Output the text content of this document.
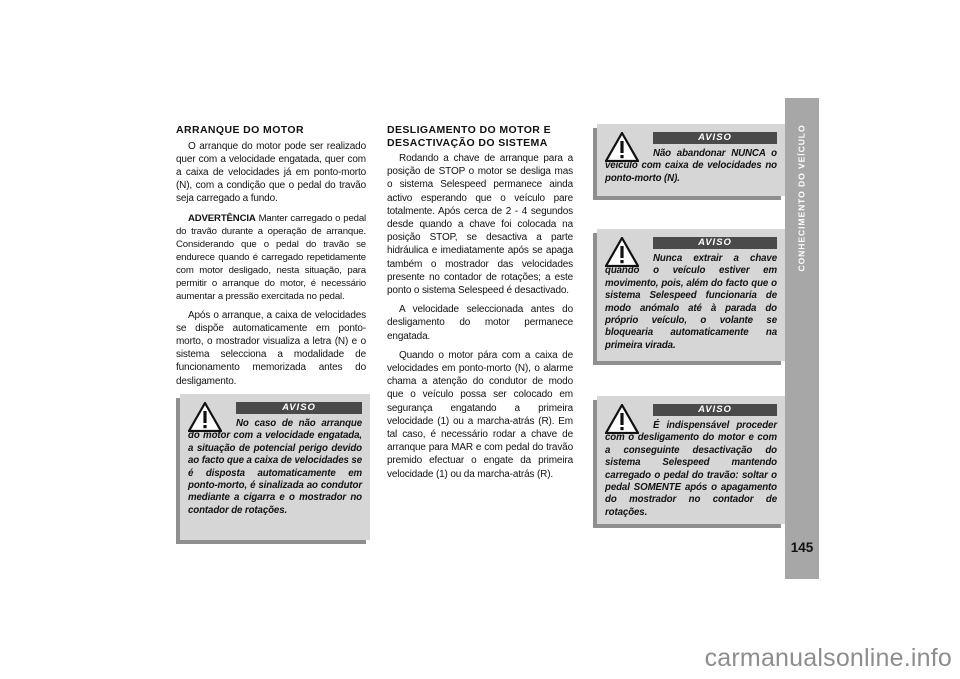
ARRANQUE DO MOTOR

O arranque do motor pode ser realizado quer com a velocidade engatada, quer com a caixa de velocidades já em ponto-morto (N), com a condição que o pedal do travão seja carregado a fundo.

ADVERTÊNCIA Manter carregado o pedal do travão durante a operação de arranque. Considerando que o pedal do travão se endurece quando é carregado repetidamente com motor desligado, nesta situação, para permitir o arranque do motor, é necessário aumentar a pressão exercitada no pedal.

Após o arranque, a caixa de velocidades se dispõe automaticamente em ponto-morto, o mostrador visualiza a letra (N) e o sistema selecciona a modalidade de funcionamento memorizada antes do desligamento.

DESLIGAMENTO DO MOTOR E DESACTIVAÇÃO DO SISTEMA

Rodando a chave de arranque para a posição de STOP o motor se desliga mas o sistema Selespeed permanece ainda activo esperando que o veículo pare totalmente. Após cerca de 2 - 4 segundos desde quando a chave foi colocada na posição STOP, se desactiva a parte hidráulica e imediatamente após se apaga também o mostrador das velocidades presente no contador de rotações; a este ponto o sistema Selespeed é desactivado.

A velocidade seleccionada antes do desligamento do motor permanece engatada.

Quando o motor pára com a caixa de velocidades em ponto-morto (N), o alarme chama a atenção do condutor de modo que o veículo possa ser colocado em segurança engatando a primeira velocidade (1) ou a marcha-atrás (R). Em tal caso, é necessário rodar a chave de arranque para MAR e com pedal do travão premido efectuar o engate da primeira velocidade (1) ou da marcha-atrás (R).

AVISO
No caso de não arranque do motor com a velocidade engatada, a situação de potencial perigo devido ao facto que a caixa de velocidades se é disposta automaticamente em ponto-morto, é sinalizada ao condutor mediante a cigarra e o mostrador no contador de rotações.
AVISO
Não abandonar NUNCA o veículo com caixa de velocidades no ponto-morto (N).
AVISO
Nunca extrair a chave quando o veículo estiver em movimento, pois, além do facto que o sistema Selespeed funcionaria de modo anómalo até à parada do próprio veículo, o volante se bloquearia automaticamente na primeira virada.
AVISO
É indispensável proceder com o desligamento do motor e com a conseguinte desactivação do sistema Selespeed mantendo carregado o pedal do travão: soltar o pedal SOMENTE após o apagamento do mostrador no contador de rotações.
CONHECIMENTO DO VEÍCULO
145
carmanualsonline.info
